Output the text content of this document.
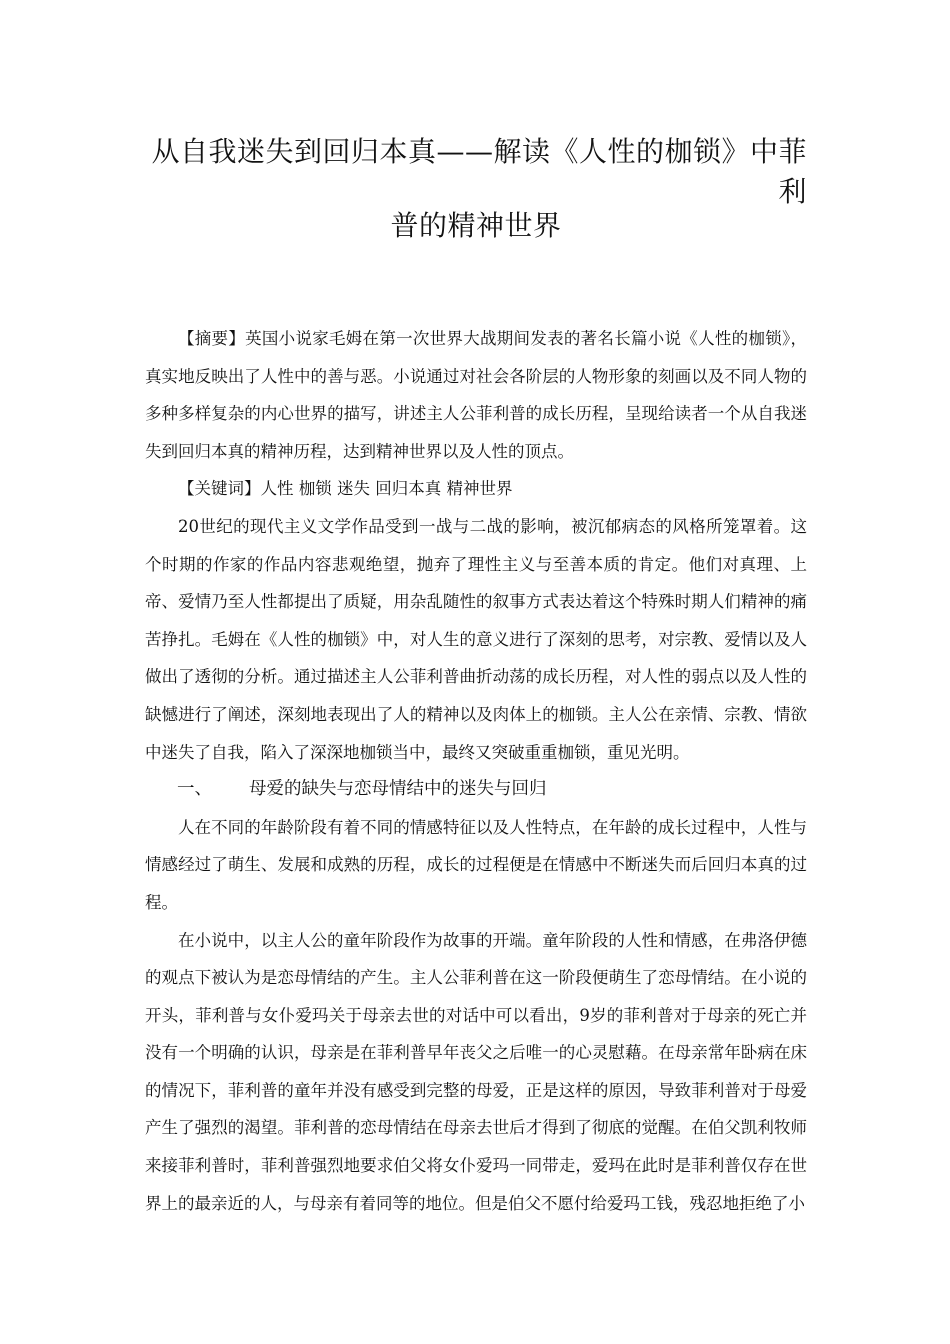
从自我迷失到回归本真——解读《人性的枷锁》中菲利
普的精神世界

【摘要】英国小说家毛姆在第一次世界大战期间发表的著名长篇小说《人性的枷锁》，真实地反映出了人性中的善与恶。小说通过对社会各阶层的人物形象的刻画以及不同人物的多种多样复杂的内心世界的描写，讲述主人公菲利普的成长历程，呈现给读者一个从自我迷失到回归本真的精神历程，达到精神世界以及人性的顶点。

【关键词】人性 枷锁 迷失 回归本真 精神世界

20世纪的现代主义文学作品受到一战与二战的影响，被沉郁病态的风格所笼罩着。这个时期的作家的作品内容悲观绝望，抛弃了理性主义与至善本质的肯定。他们对真理、上帝、爱情乃至人性都提出了质疑，用杂乱随性的叙事方式表达着这个特殊时期人们精神的痛苦挣扎。毛姆在《人性的枷锁》中，对人生的意义进行了深刻的思考，对宗教、爱情以及人做出了透彻的分析。通过描述主人公菲利普曲折动荡的成长历程，对人性的弱点以及人性的缺憾进行了阐述，深刻地表现出了人的精神以及肉体上的枷锁。主人公在亲情、宗教、情欲中迷失了自我，陷入了深深地枷锁当中，最终又突破重重枷锁，重见光明。

一、 母爱的缺失与恋母情结中的迷失与回归

人在不同的年龄阶段有着不同的情感特征以及人性特点，在年龄的成长过程中，人性与情感经过了萌生、发展和成熟的历程，成长的过程便是在情感中不断迷失而后回归本真的过程。

在小说中，以主人公的童年阶段作为故事的开端。童年阶段的人性和情感，在弗洛伊德的观点下被认为是恋母情结的产生。主人公菲利普在这一阶段便萌生了恋母情结。在小说的开头，菲利普与女仆爱玛关于母亲去世的对话中可以看出，9岁的菲利普对于母亲的死亡并没有一个明确的认识，母亲是在菲利普早年丧父之后唯一的心灵慰藉。在母亲常年卧病在床的情况下，菲利普的童年并没有感受到完整的母爱，正是这样的原因，导致菲利普对于母爱产生了强烈的渴望。菲利普的恋母情结在母亲去世后才得到了彻底的觉醒。在伯父凯利牧师来接菲利普时，菲利普强烈地要求伯父将女仆爱玛一同带走，爱玛在此时是菲利普仅存在世界上的最亲近的人，与母亲有着同等的地位。但是伯父不愿付给爱玛工钱，残忍地拒绝了小
